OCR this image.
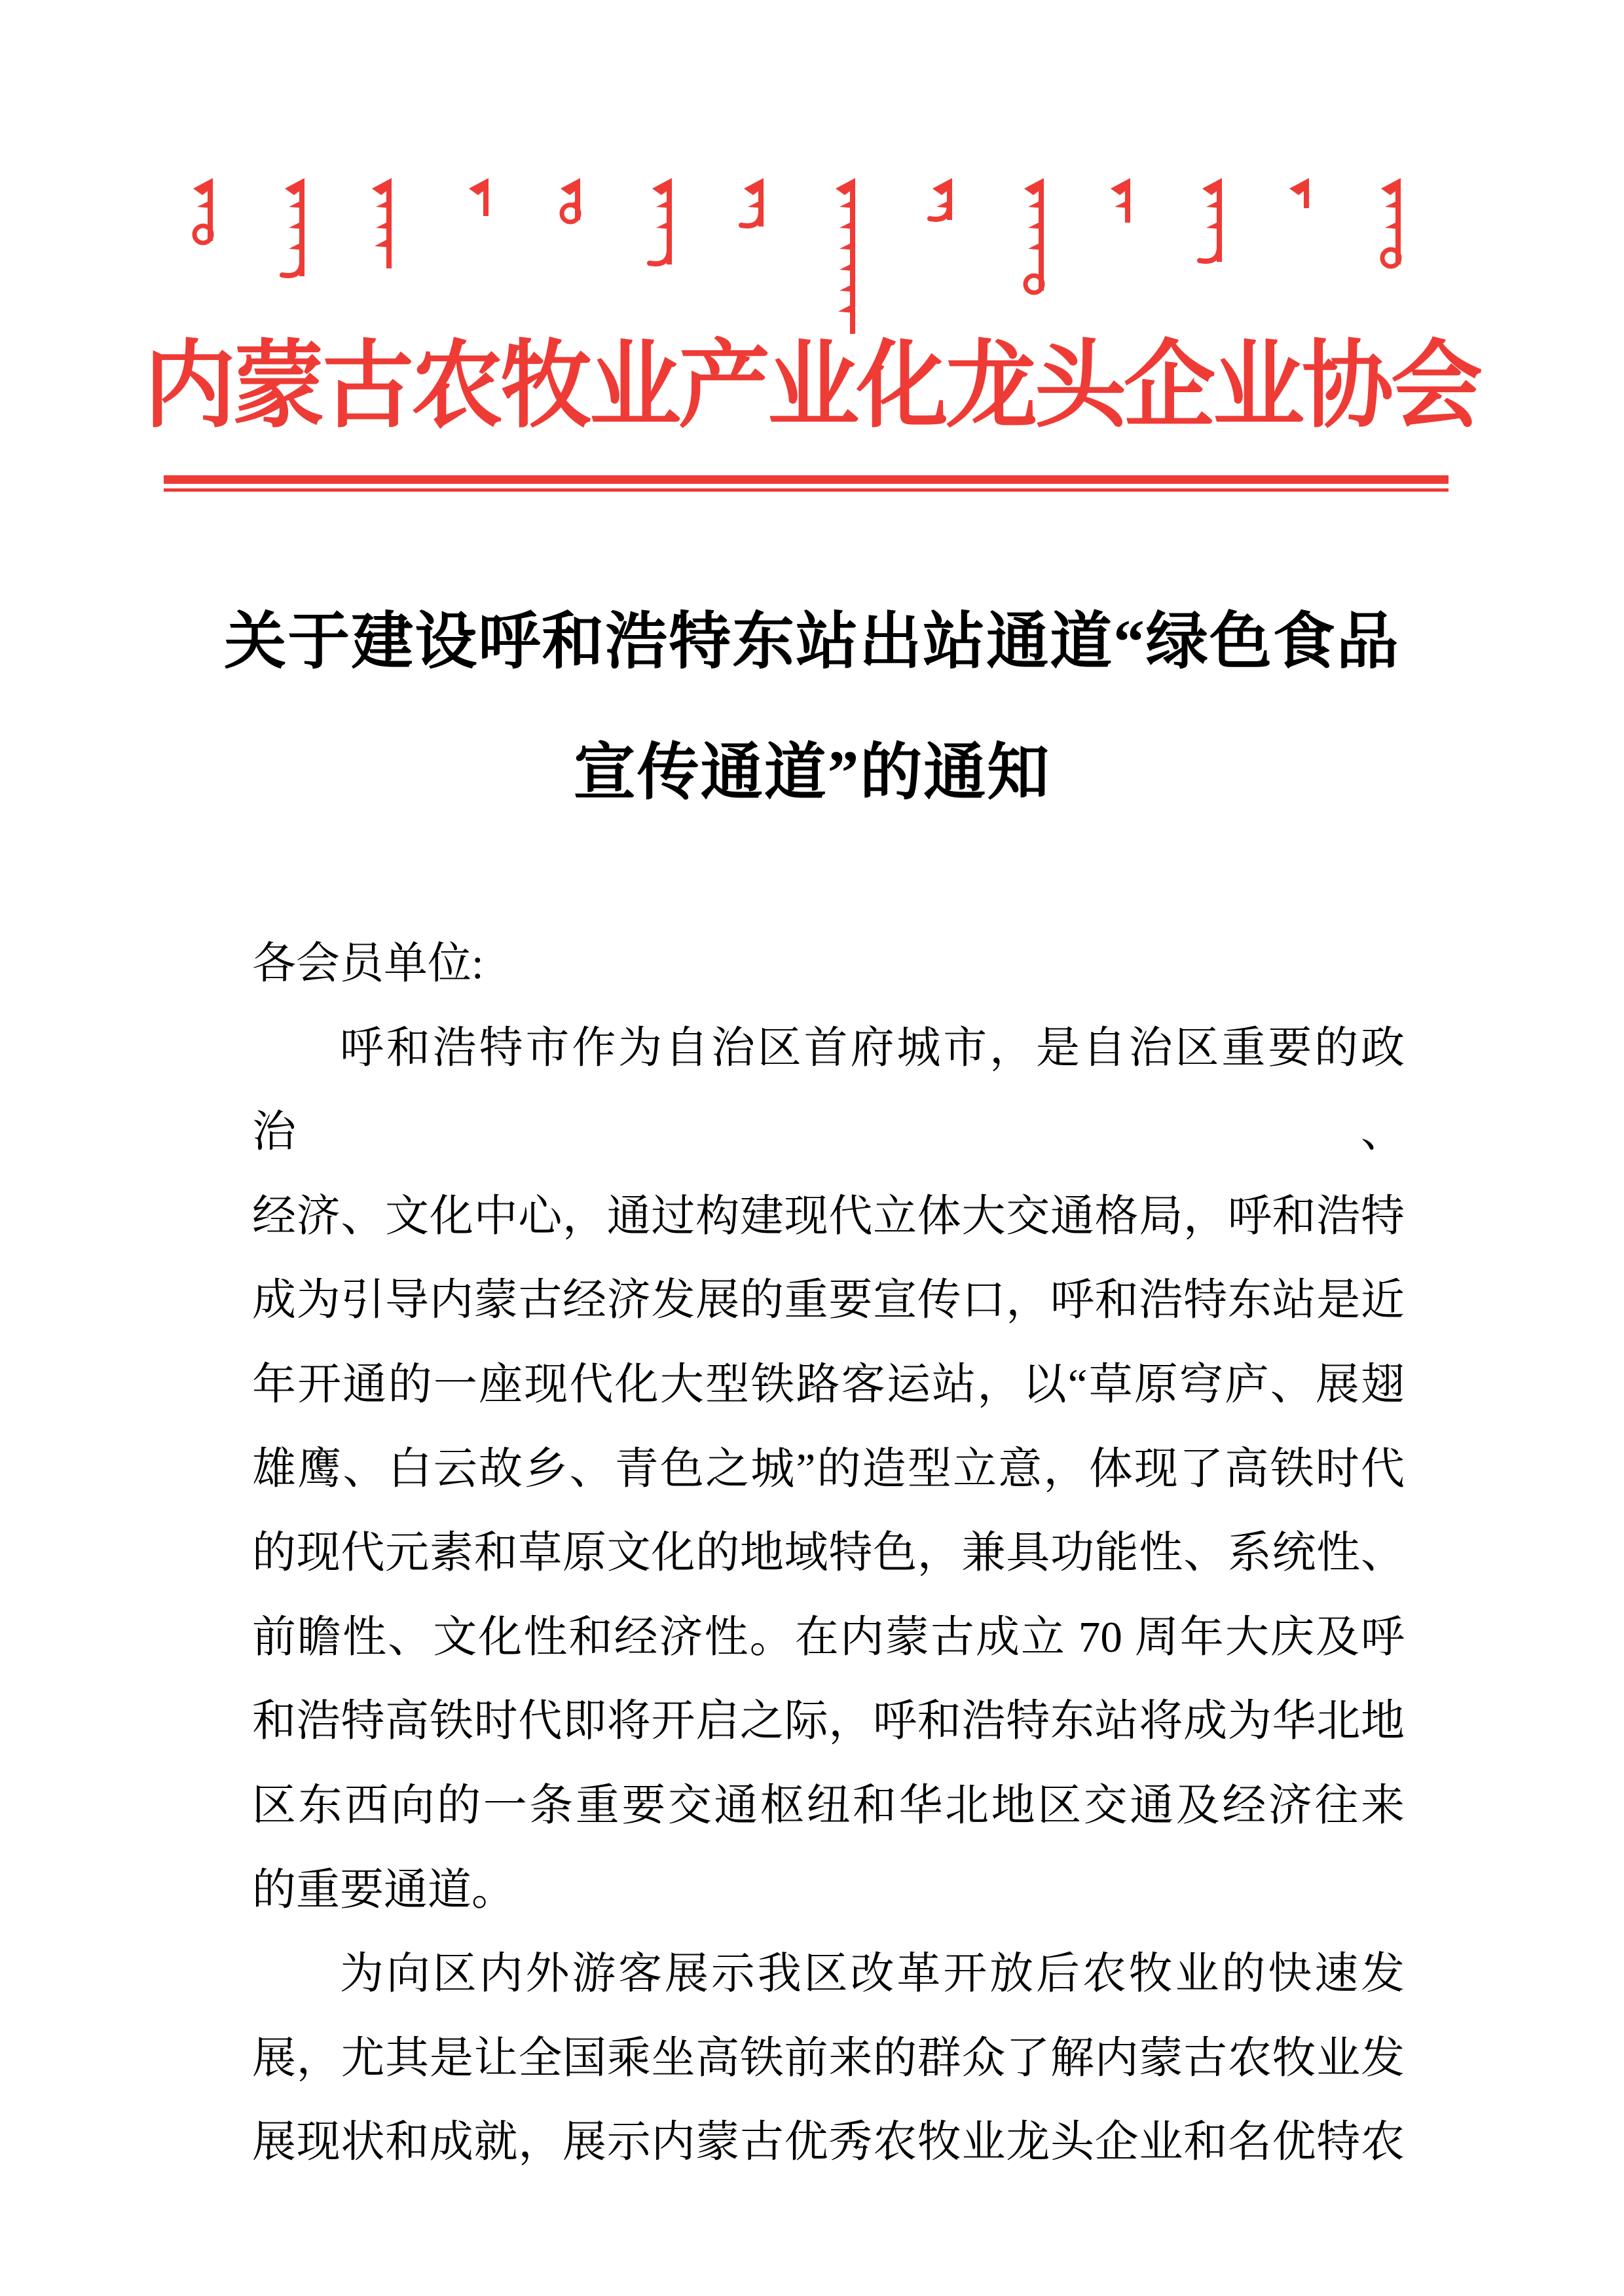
内蒙古农牧业产业化龙头企业协会
关于建设呼和浩特东站出站通道“绿色食品
宣传通道”的通知
各会员单位:
呼和浩特市作为自治区首府城市，是自治区重要的政治、
经济、文化中心，通过构建现代立体大交通格局，呼和浩特
成为引导内蒙古经济发展的重要宣传口，呼和浩特东站是近
年开通的一座现代化大型铁路客运站，以“草原穹庐、展翅
雄鹰、白云故乡、青色之城”的造型立意，体现了高铁时代
的现代元素和草原文化的地域特色，兼具功能性、系统性、
前瞻性、文化性和经济性。在内蒙古成立 70 周年大庆及呼
和浩特高铁时代即将开启之际，呼和浩特东站将成为华北地
区东西向的一条重要交通枢纽和华北地区交通及经济往来
的重要通道。
为向区内外游客展示我区改革开放后农牧业的快速发
展，尤其是让全国乘坐高铁前来的群众了解内蒙古农牧业发
展现状和成就，展示内蒙古优秀农牧业龙头企业和名优特农
